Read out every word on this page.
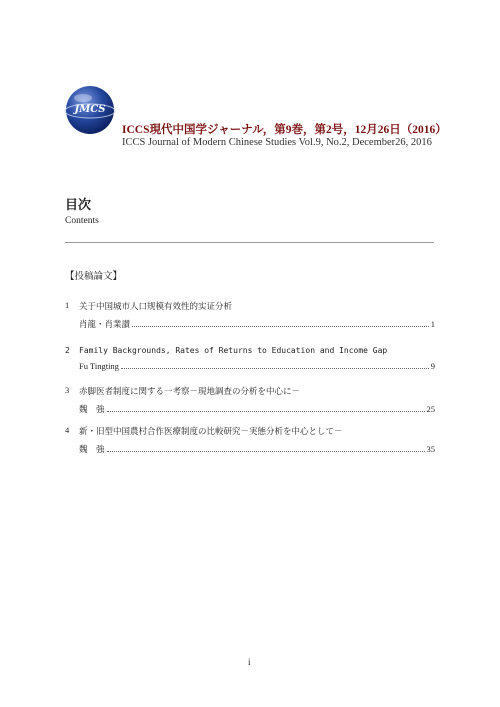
JMCS
ICCS現代中国学ジャーナル，第9巻，第2号，12月26日（2016）
ICCS Journal of Modern Chinese Studies Vol.9, No.2, December26, 2016
目次
Contents
【投稿論文】
1	关于中国城市人口规模有效性的实证分析
肖龍・肖業讃	1
2	Family Backgrounds, Rates of Returns to Education and Income Gap
Fu Tingting	9
3	赤脚医者制度に関する一考察－現地調査の分析を中心に－
魏　強	25
4	新・旧型中国農村合作医療制度の比較研究－実態分析を中心として－
魏　強	35
i
